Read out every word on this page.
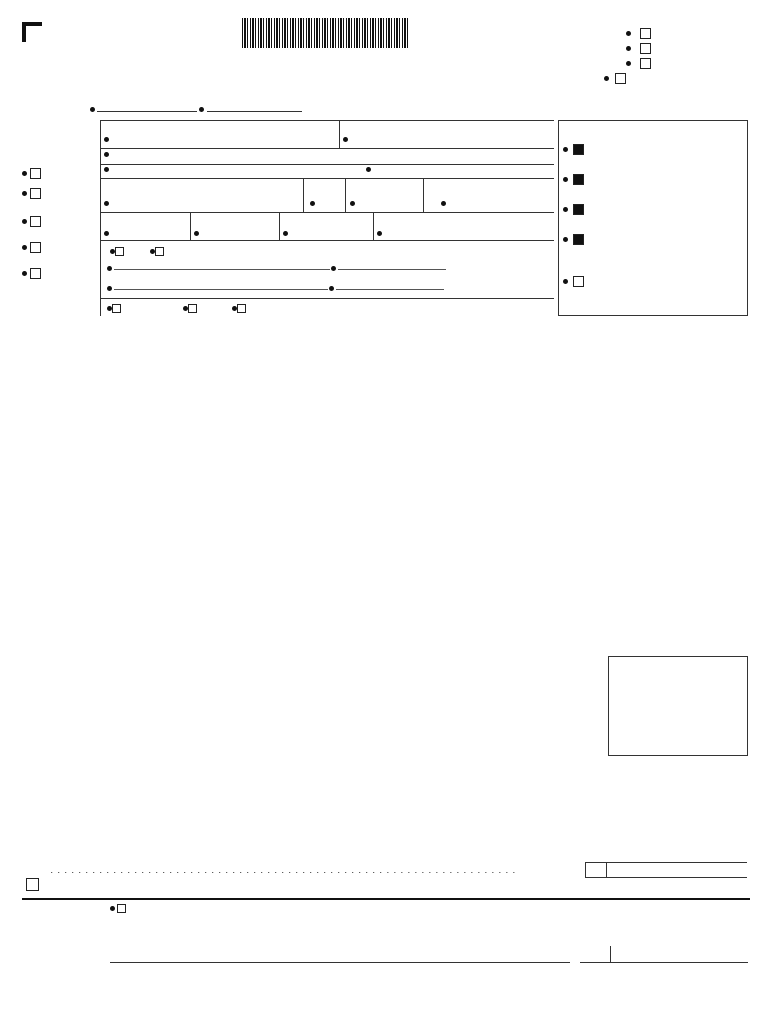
. . . . . . . . . . . . . . . . . . . . . . . . . . . . . . . . . . . . . . . . . . . . . . . . . . . . . . . . . . . . . . . . . . .
